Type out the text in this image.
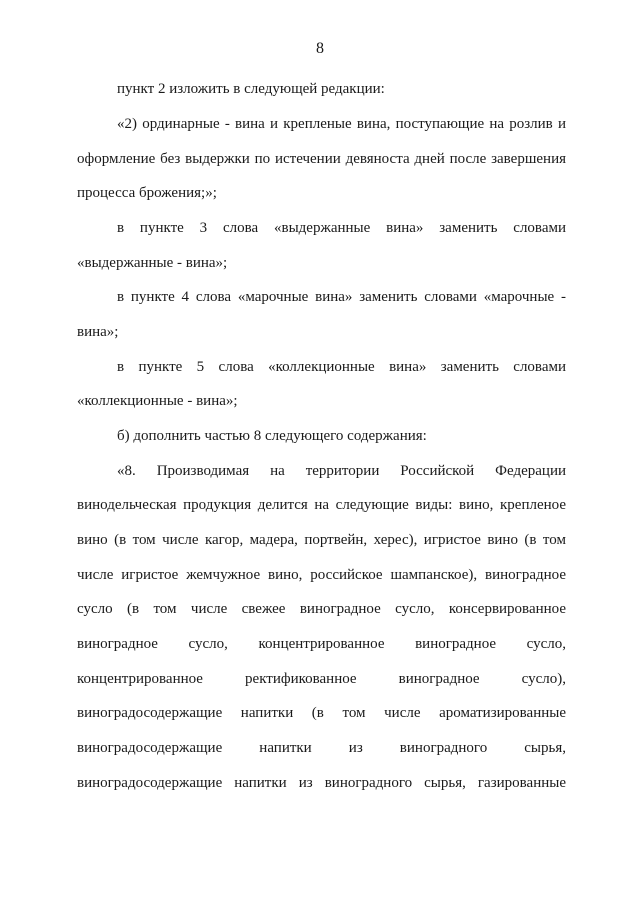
8
пункт 2 изложить в следующей редакции:
«2) ординарные - вина и крепленые вина, поступающие на розлив и
оформление без выдержки по истечении девяноста дней после завершения
процесса брожения;»;
в пункте 3 слова «выдержанные вина» заменить словами
«выдержанные - вина»;
в пункте 4 слова «марочные вина» заменить словами «марочные -
вина»;
в пункте 5 слова «коллекционные вина» заменить словами
«коллекционные - вина»;
б) дополнить частью 8 следующего содержания:
«8. Производимая на территории Российской Федерации
винодельческая продукция делится на следующие виды: вино, крепленое
вино (в том числе кагор, мадера, портвейн, херес), игристое вино (в том
числе игристое жемчужное вино, российское шампанское), виноградное
сусло (в том числе свежее виноградное сусло, консервированное
виноградное сусло, концентрированное виноградное сусло,
концентрированное ректификованное виноградное сусло),
виноградосодержащие напитки (в том числе ароматизированные
виноградосодержащие напитки из виноградного сырья,
виноградосодержащие напитки из виноградного сырья, газированные
